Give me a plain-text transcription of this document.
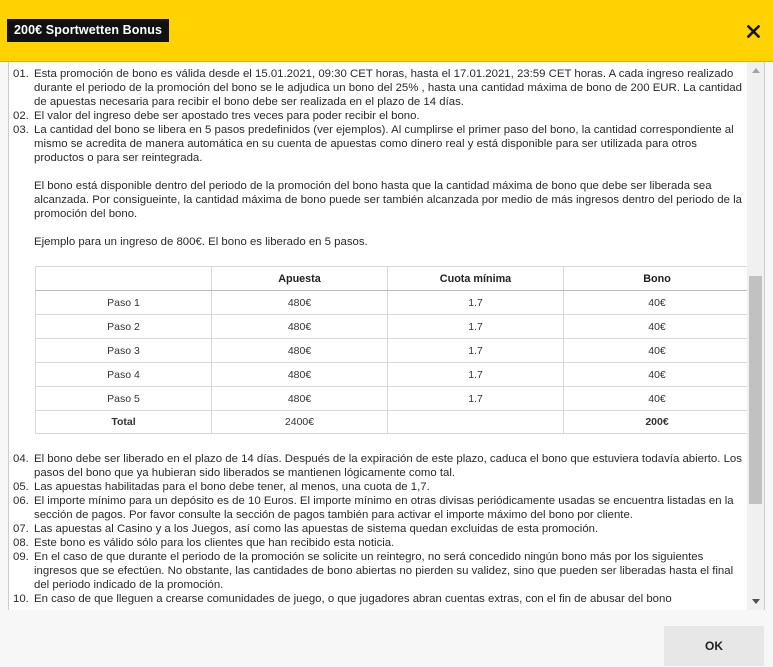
200€ Sportwetten Bonus
01. Esta promoción de bono es válida desde el 15.01.2021, 09:30 CET horas, hasta el 17.01.2021, 23:59 CET horas. A cada ingreso realizado durante el periodo de la promoción del bono se le adjudica un bono del 25% , hasta una cantidad máxima de bono de 200 EUR. La cantidad de apuestas necesaria para recibir el bono debe ser realizada en el plazo de 14 días.
02. El valor del ingreso debe ser apostado tres veces para poder recibir el bono.
03. La cantidad del bono se libera en 5 pasos predefinidos (ver ejemplos). Al cumplirse el primer paso del bono, la cantidad correspondiente al mismo se acredita de manera automática en su cuenta de apuestas como dinero real y está disponible para ser utilizada para otros productos o para ser reintegrada.

El bono está disponible dentro del periodo de la promoción del bono hasta que la cantidad máxima de bono que debe ser liberada sea alcanzada. Por consigueinte, la cantidad máxima de bono puede ser también alcanzada por medio de más ingresos dentro del periodo de la promoción del bono.

Ejemplo para un ingreso de 800€. El bono es liberado en 5 pasos.

	Apuesta	Cuota mínima	Bono
Paso 1	480€	1.7	40€
Paso 2	480€	1.7	40€
Paso 3	480€	1.7	40€
Paso 4	480€	1.7	40€
Paso 5	480€	1.7	40€
Total	2400€		200€
04. El bono debe ser liberado en el plazo de 14 días. Después de la expiración de este plazo, caduca el bono que estuviera todavía abierto. Los pasos del bono que ya hubieran sido liberados se mantienen lógicamente como tal.
05. Las apuestas habilitadas para el bono debe tener, al menos, una cuota de 1,7.
06. El importe mínimo para un depósito es de 10 Euros. El importe mínimo en otras divisas periódicamente usadas se encuentra listadas en la sección de pagos. Por favor consulte la sección de pagos también para activar el importe máximo del bono por cliente.
07. Las apuestas al Casino y a los Juegos, así como las apuestas de sistema quedan excluidas de esta promoción.
08. Este bono es válido sólo para los clientes que han recibido esta noticia.
09. En el caso de que durante el periodo de la promoción se solicite un reintegro, no será concedido ningún bono más por los siguientes ingresos que se efectúen. No obstante, las cantidades de bono abiertas no pierden su validez, sino que pueden ser liberadas hasta el final del periodo indicado de la promoción.
10. En caso de que lleguen a crearse comunidades de juego, o que jugadores abran cuentas extras, con el fin de abusar del bono
OK
